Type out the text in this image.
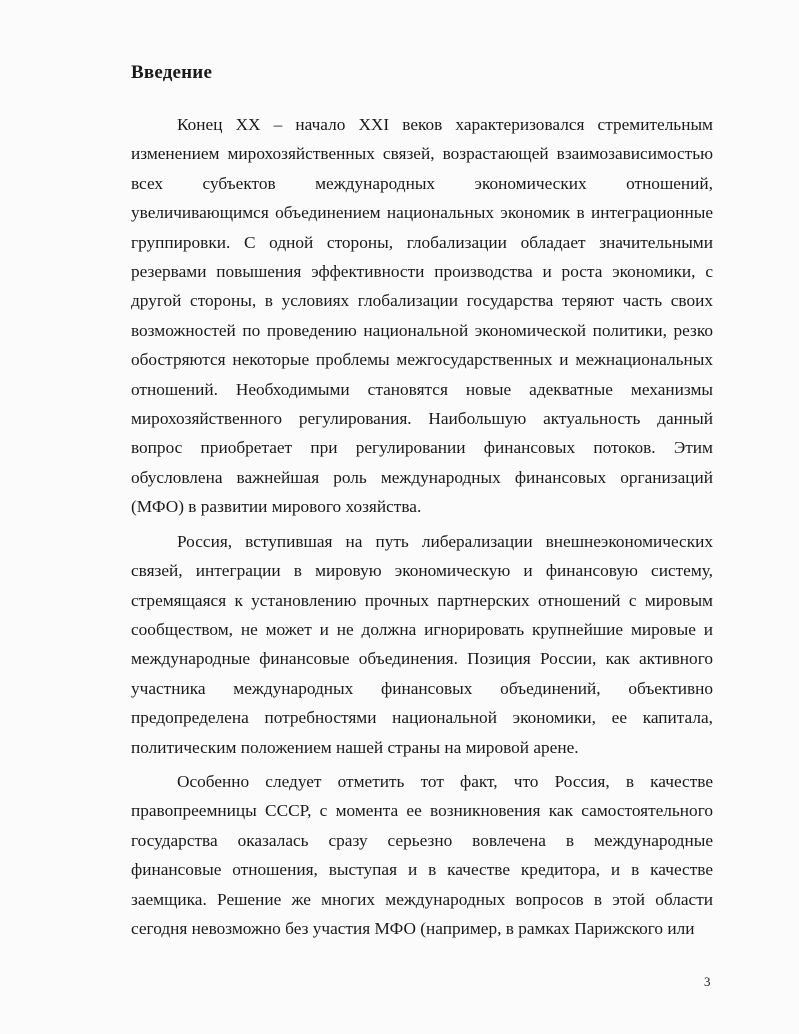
Введение

Конец XX – начало XXI веков характеризовался стремительным изменением мирохозяйственных связей, возрастающей взаимозависимостью всех субъектов международных экономических отношений, увеличивающимся объединением национальных экономик в интеграционные группировки. С одной стороны, глобализации обладает значительными резервами повышения эффективности производства и роста экономики, с другой стороны, в условиях глобализации государства теряют часть своих возможностей по проведению национальной экономической политики, резко обостряются некоторые проблемы межгосударственных и межнациональных отношений. Необходимыми становятся новые адекватные механизмы мирохозяйственного регулирования. Наибольшую актуальность данный вопрос приобретает при регулировании финансовых потоков. Этим обусловлена важнейшая роль международных финансовых организаций (МФО) в развитии мирового хозяйства.

Россия, вступившая на путь либерализации внешнеэкономических связей, интеграции в мировую экономическую и финансовую систему, стремящаяся к установлению прочных партнерских отношений с мировым сообществом, не может и не должна игнорировать крупнейшие мировые и международные финансовые объединения. Позиция России, как активного участника международных финансовых объединений, объективно предопределена потребностями национальной экономики, ее капитала, политическим положением нашей страны на мировой арене.

Особенно следует отметить тот факт, что Россия, в качестве правопреемницы СССР, с момента ее возникновения как самостоятельного государства оказалась сразу серьезно вовлечена в международные финансовые отношения, выступая и в качестве кредитора, и в качестве заемщика. Решение же многих международных вопросов в этой области сегодня невозможно без участия МФО (например, в рамках Парижского или

3
